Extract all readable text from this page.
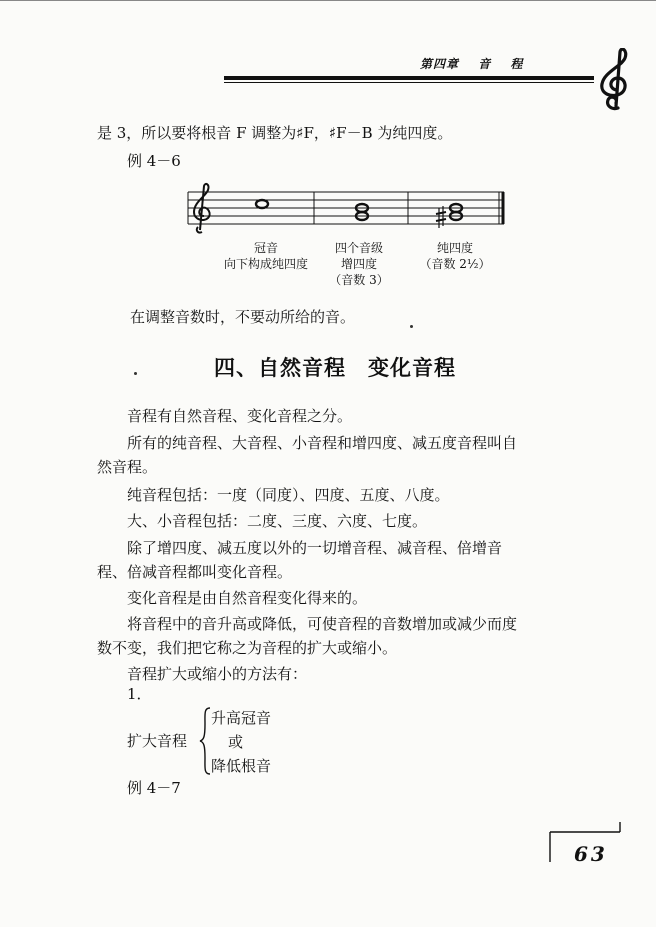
第四章 音 程
是 3，所以要将根音 F 调整为♯F，♯F－B 为纯四度。
例 4－6
冠音
向下构成纯四度
四个音级
增四度
（音数 3）
纯四度
（音数 2½）
在调整音数时，不要动所给的音。
四、自然音程　变化音程
音程有自然音程、变化音程之分。
所有的纯音程、大音程、小音程和增四度、减五度音程叫自
然音程。
纯音程包括：一度（同度）、四度、五度、八度。
大、小音程包括：二度、三度、六度、七度。
除了增四度、减五度以外的一切增音程、减音程、倍增音
程、倍减音程都叫变化音程。
变化音程是由自然音程变化得来的。
将音程中的音升高或降低，可使音程的音数增加或减少而度
数不变，我们把它称之为音程的扩大或缩小。
音程扩大或缩小的方法有：
1．
扩大音程
升高冠音
或
降低根音
例 4－7
63
